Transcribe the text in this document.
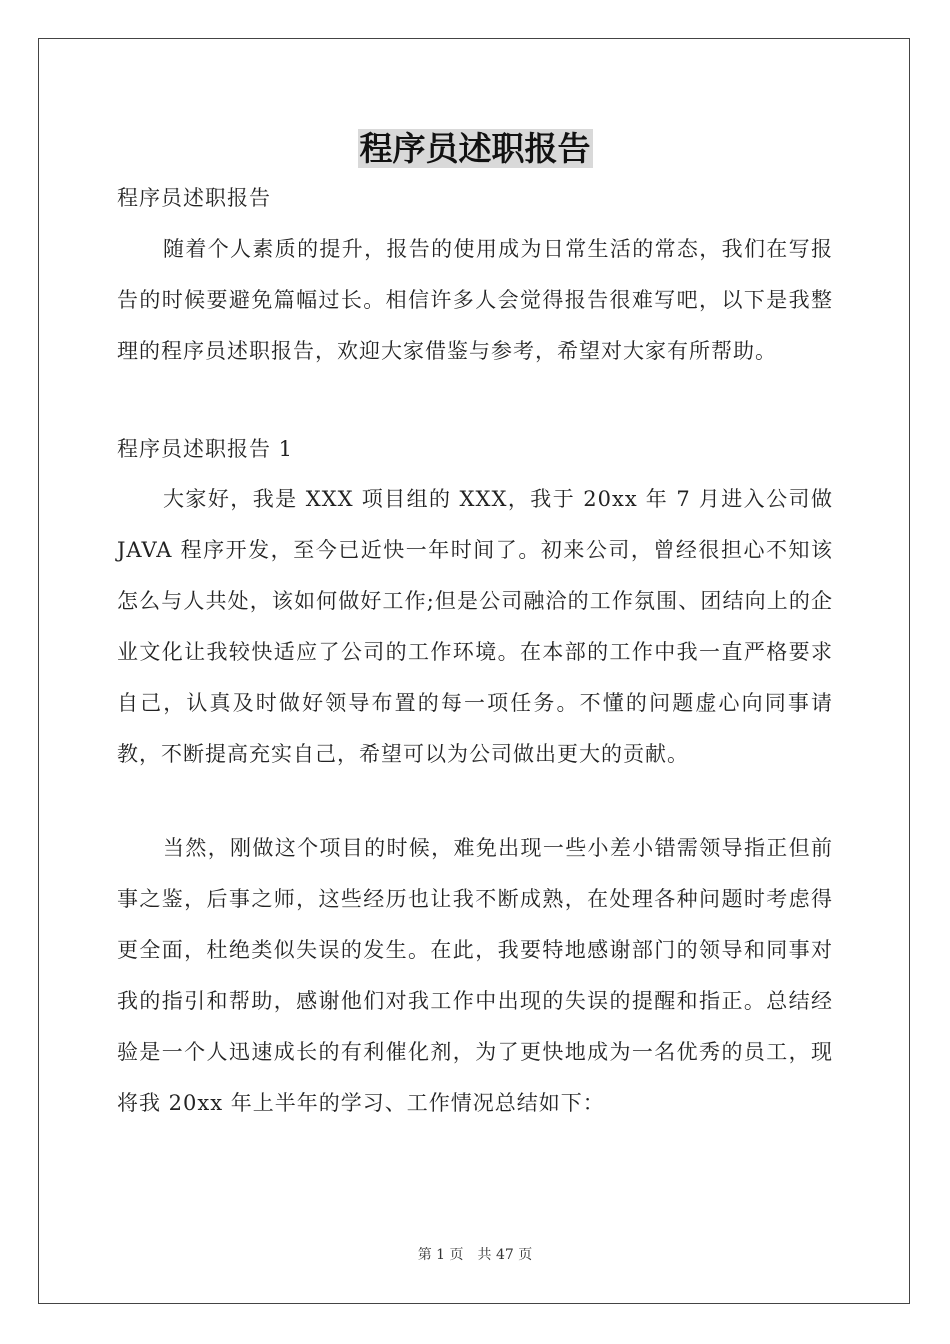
程序员述职报告

程序员述职报告

随着个人素质的提升，报告的使用成为日常生活的常态，我们在写报告的时候要避免篇幅过长。相信许多人会觉得报告很难写吧，以下是我整理的程序员述职报告，欢迎大家借鉴与参考，希望对大家有所帮助。

程序员述职报告 1

大家好，我是 XXX 项目组的 XXX，我于 20xx 年 7 月进入公司做 JAVA 程序开发，至今已近快一年时间了。初来公司，曾经很担心不知该怎么与人共处，该如何做好工作;但是公司融洽的工作氛围、团结向上的企业文化让我较快适应了公司的工作环境。在本部的工作中我一直严格要求自己，认真及时做好领导布置的每一项任务。不懂的问题虚心向同事请教，不断提高充实自己，希望可以为公司做出更大的贡献。

当然，刚做这个项目的时候，难免出现一些小差小错需领导指正但前事之鉴，后事之师，这些经历也让我不断成熟，在处理各种问题时考虑得更全面，杜绝类似失误的发生。在此，我要特地感谢部门的领导和同事对我的指引和帮助，感谢他们对我工作中出现的失误的提醒和指正。总结经验是一个人迅速成长的有利催化剂，为了更快地成为一名优秀的员工，现将我 20xx 年上半年的学习、工作情况总结如下：

第 1 页 共 47 页
